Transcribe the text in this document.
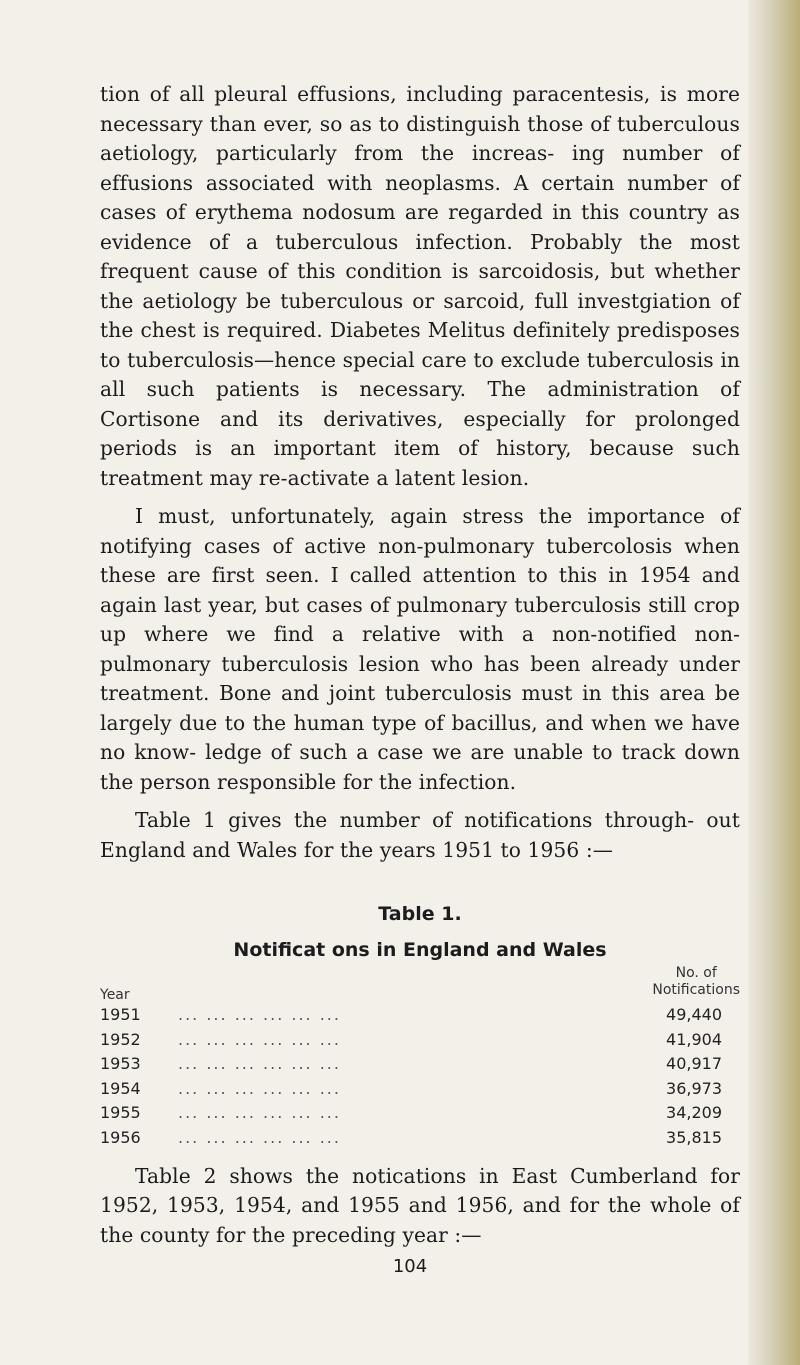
tion of all pleural effusions, including paracentesis, is more necessary than ever, so as to distinguish those of tuberculous aetiology, particularly from the increas- ing number of effusions associated with neoplasms. A certain number of cases of erythema nodosum are regarded in this country as evidence of a tuberculous infection. Probably the most frequent cause of this condition is sarcoidosis, but whether the aetiology be tuberculous or sarcoid, full investgiation of the chest is required. Diabetes Melitus definitely predisposes to tuberculosis—hence special care to exclude tuberculosis in all such patients is necessary. The administration of Cortisone and its derivatives, especially for prolonged periods is an important item of history, because such treatment may re-activate a latent lesion.

I must, unfortunately, again stress the importance of notifying cases of active non-pulmonary tubercolosis when these are first seen. I called attention to this in 1954 and again last year, but cases of pulmonary tuberculosis still crop up where we find a relative with a non-notified non-pulmonary tuberculosis lesion who has been already under treatment. Bone and joint tuberculosis must in this area be largely due to the human type of bacillus, and when we have no know- ledge of such a case we are unable to track down the person responsible for the infection.

Table 1 gives the number of notifications through- out England and Wales for the years 1951 to 1956 :—

Table 1.
Notificat ons in England and Wales
Year
No. of
Notifications
1951	... ... ... ... ... ...	49,440
1952	... ... ... ... ... ...	41,904
1953	... ... ... ... ... ...	40,917
1954	... ... ... ... ... ...	36,973
1955	... ... ... ... ... ...	34,209
1956	... ... ... ... ... ...	35,815

Table 2 shows the notications in East Cumberland for 1952, 1953, 1954, and 1955 and 1956, and for the whole of the county for the preceding year :—

104
